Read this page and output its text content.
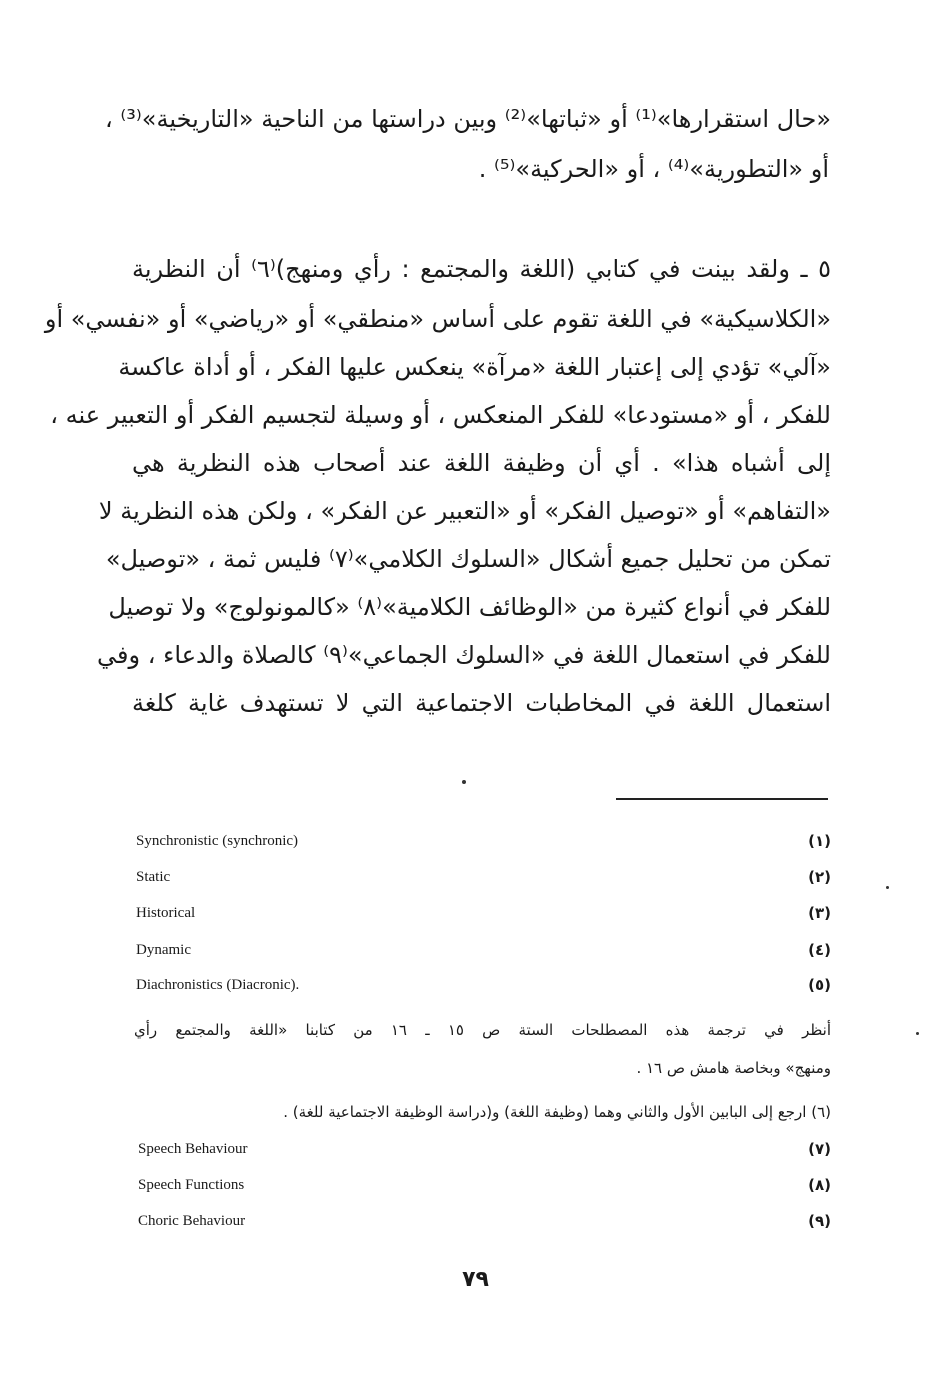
«حال استقرارها»⁽¹⁾ أو «ثباتها»⁽²⁾ وبين دراستها من الناحية «التاريخية»⁽³⁾ ،
أو «التطورية»⁽⁴⁾ ، أو «الحركية»⁽⁵⁾ .
٥ ـ ولقد بينت في كتابي (اللغة والمجتمع : رأي ومنهج)⁽٦⁾ أن النظرية
«الكلاسيكية» في اللغة تقوم على أساس «منطقي» أو «رياضي» أو «نفسي» أو
«آلي» تؤدي إلى إعتبار اللغة «مرآة» ينعكس عليها الفكر ، أو أداة عاكسة
للفكر ، أو «مستودعا» للفكر المنعكس ، أو وسيلة لتجسيم الفكر أو التعبير عنه ،
إلى أشباه هذا» . أي أن وظيفة اللغة عند أصحاب هذه النظرية هي
«التفاهم» أو «توصيل الفكر» أو «التعبير عن الفكر» ، ولكن هذه النظرية لا
تمكن من تحليل جميع أشكال «السلوك الكلامي»⁽٧⁾ فليس ثمة ، «توصيل»
للفكر في أنواع كثيرة من «الوظائف الكلامية»⁽٨⁾ «كالمونولوج» ولا توصيل
للفكر في استعمال اللغة في «السلوك الجماعي»⁽٩⁾ كالصلاة والدعاء ، وفي
استعمال اللغة في المخاطبات الاجتماعية التي لا تستهدف غاية كلغة
Synchronistic (synchronic)	(١)
Static	(٢)
Historical	(٣)
Dynamic	(٤)
Diachronistics (Diacronic).	(٥)
أنظر في ترجمة هذه المصطلحات الستة ص ١٥ ـ ١٦ من كتابنا «اللغة والمجتمع رأي
ومنهج» وبخاصة هامش ص ١٦ .
(٦) ارجع إلى البابين الأول والثاني وهما (وظيفة اللغة) و(دراسة الوظيفة الاجتماعية للغة) .
Speech Behaviour	(٧)
Speech Functions	(٨)
Choric Behaviour	(٩)
٧٩
